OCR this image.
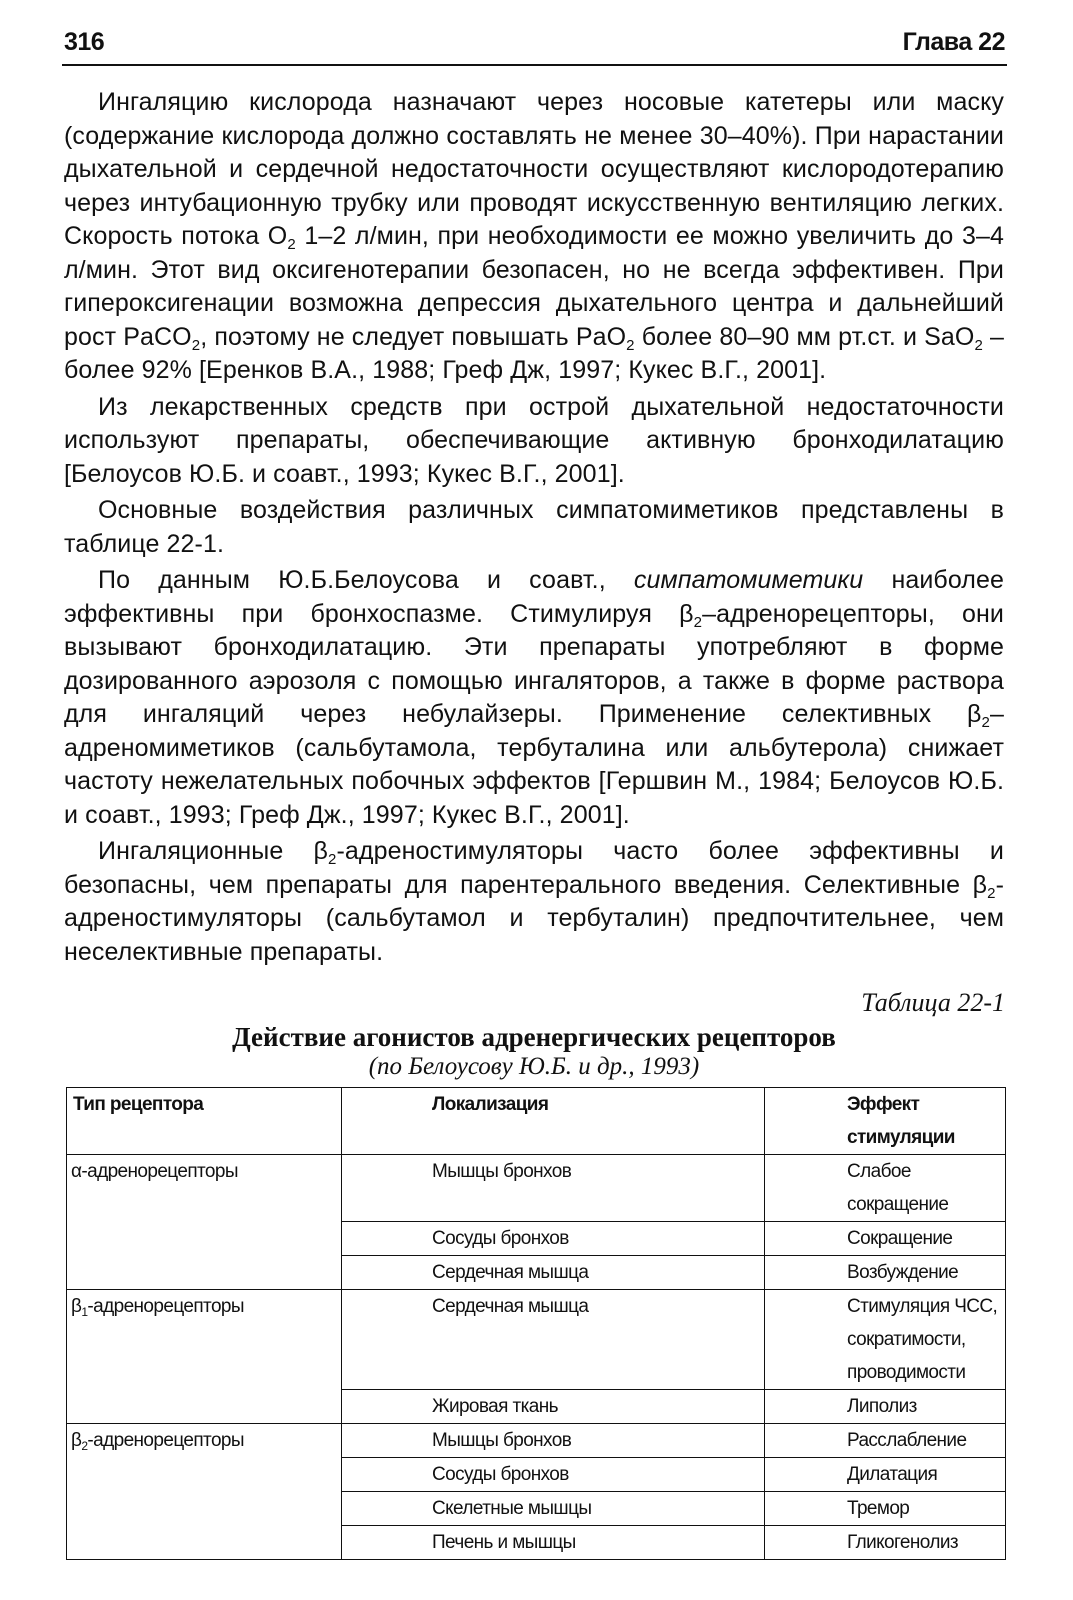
316	Глава 22

Ингаляцию кислорода назначают через носовые катетеры или маску (содержание кислорода должно составлять не менее 30–40%). При нарастании дыхательной и сердечной недостаточности осуществляют кислородотерапию через интубационную трубку или проводят искусственную вентиляцию легких. Скорость потока $О_2$ 1–2 л/мин, при необходимости ее можно увеличить до 3–4 л/мин. Этот вид оксигенотерапии безопасен, но не всегда эффективен. При гипероксигенации возможна депрессия дыхательного центра и дальнейший рост PaCO$_2$, поэтому не следует повышать PaO$_2$ более 80–90 мм рт.ст. и SaO$_2$ – более 92% [Еренков В.А., 1988; Греф Дж, 1997; Кукес В.Г., 2001].

Из лекарственных средств при острой дыхательной недостаточности используют препараты, обеспечивающие активную бронходилатацию [Белоусов Ю.Б. и соавт., 1993; Кукес В.Г., 2001].

Основные воздействия различных симпатомиметиков представлены в таблице 22-1.

По данным Ю.Б.Белоусова и соавт., симпатомиметики наиболее эффективны при бронхоспазме. Стимулируя $\beta_2$–адренорецепторы, они вызывают бронходилатацию. Эти препараты употребляют в форме дозированного аэрозоля с помощью ингаляторов, а также в форме раствора для ингаляций через небулайзеры. Применение селективных $\beta_2$–адреномиметиков (сальбутамола, тербуталина или альбутерола) снижает частоту нежелательных побочных эффектов [Гершвин М., 1984; Белоусов Ю.Б. и соавт., 1993; Греф Дж., 1997; Кукес В.Г., 2001].

Ингаляционные $\beta_2$-адреностимуляторы часто более эффективны и безопасны, чем препараты для парентерального введения. Селективные $\beta_2$-адреностимуляторы (сальбутамол и тербуталин) предпочтительнее, чем неселективные препараты.

Таблица 22-1
Действие агонистов адренергических рецепторов
(по Белоусову Ю.Б. и др., 1993)
Тип рецептора	Локализация	Эффект стимуляции
α-адренорецепторы	Мышцы бронхов	Слабое сокращение
	Сосуды бронхов	Сокращение
	Сердечная мышца	Возбуждение
$\beta_1$-адренорецепторы	Сердечная мышца	Стимуляция ЧСС,
сократимости,
проводимости

	Жировая ткань	Липолиз
$\beta_2$-адренорецепторы	Мышцы бронхов	Расслабление
	Сосуды бронхов	Дилатация
	Скелетные мышцы	Тремор
	Печень и мышцы	Гликогенолиз
